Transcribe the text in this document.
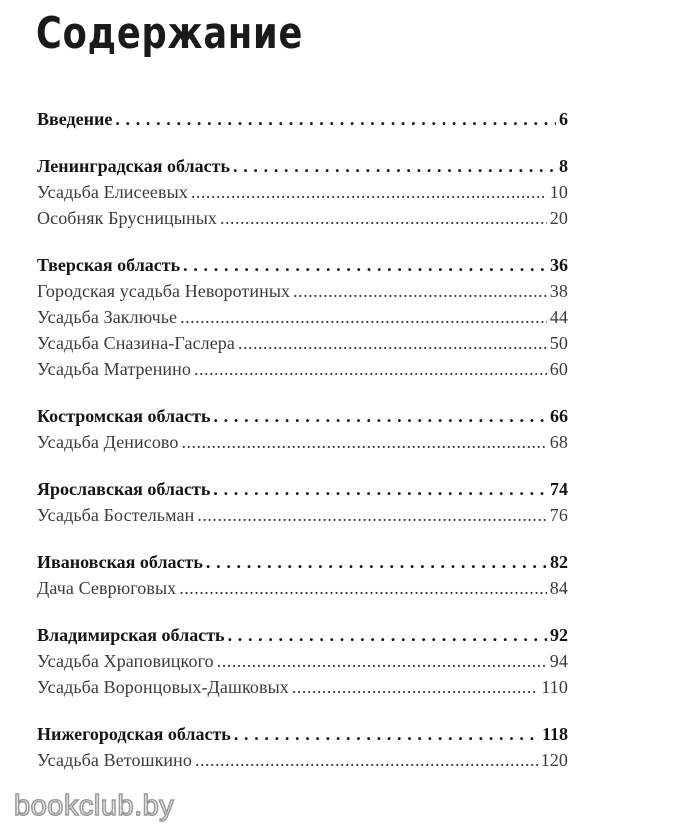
Содержание
Введение . . .	6
Ленинградская область . . .	8
Усадьба Елисеевых .....	10
Особняк Брусницыных .....	20
Тверская область . . .	36
Городская усадьба Неворотиных .....	38
Усадьба Заключье .....	44
Усадьба Сназина-Гаслера .....	50
Усадьба Матренино .....	60
Костромская область . . .	66
Усадьба Денисово .....	68
Ярославская область . . .	74
Усадьба Бостельман .....	76
Ивановская область . . .	82
Дача Севрюговых .....	84
Владимирская область . . .	92
Усадьба Храповицкого .....	94
Усадьба Воронцовых-Дашковых .....	110
Нижегородская область . . .	118
Усадьба Ветошкино .....	120
bookclub.by
